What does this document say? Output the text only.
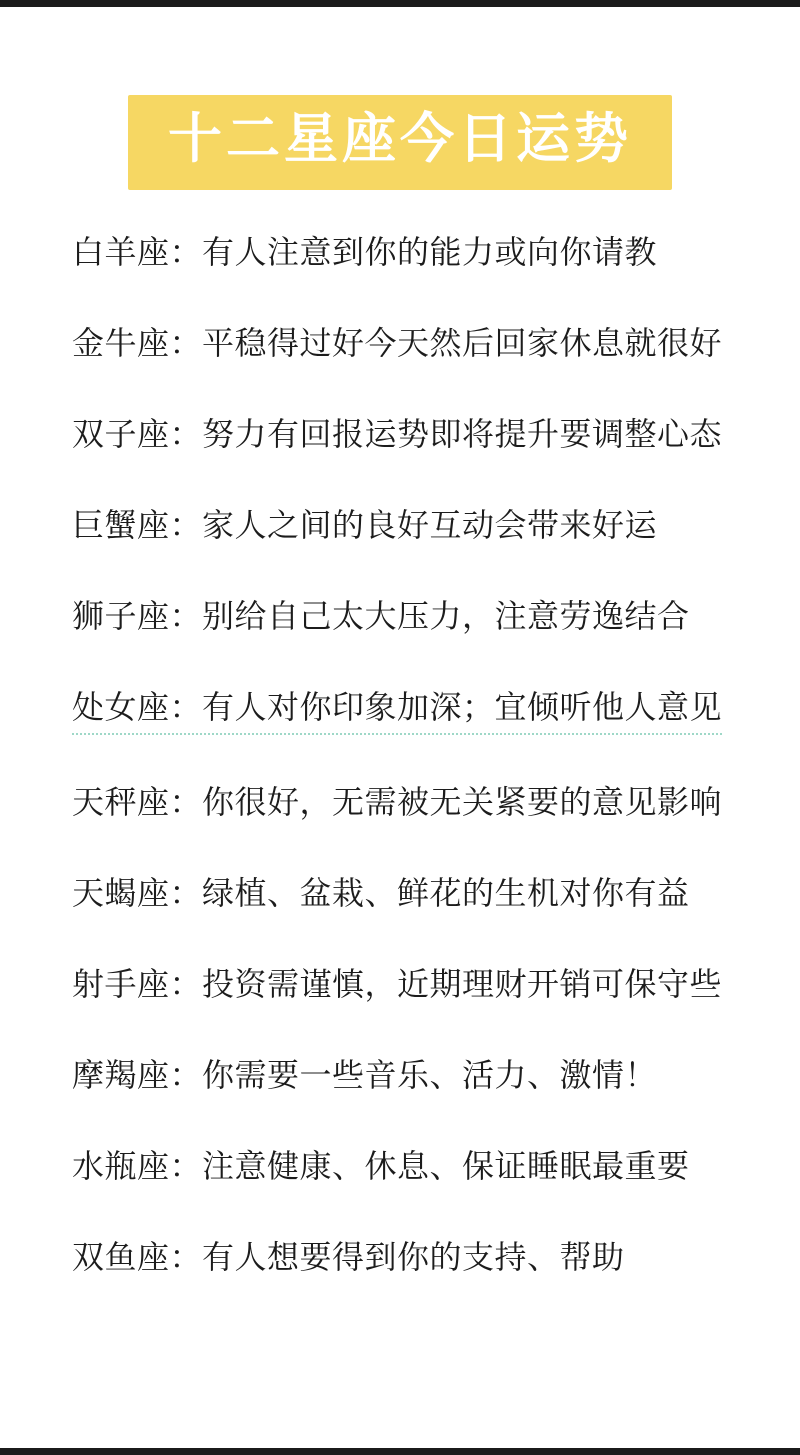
十二星座今日运势
白羊座：有人注意到你的能力或向你请教
金牛座：平稳得过好今天然后回家休息就很好
双子座：努力有回报运势即将提升要调整心态
巨蟹座：家人之间的良好互动会带来好运
狮子座：别给自己太大压力，注意劳逸结合
处女座：有人对你印象加深；宜倾听他人意见
天秤座：你很好，无需被无关紧要的意见影响
天蝎座：绿植、盆栽、鲜花的生机对你有益
射手座：投资需谨慎，近期理财开销可保守些
摩羯座：你需要一些音乐、活力、激情！
水瓶座：注意健康、休息、保证睡眠最重要
双鱼座：有人想要得到你的支持、帮助
